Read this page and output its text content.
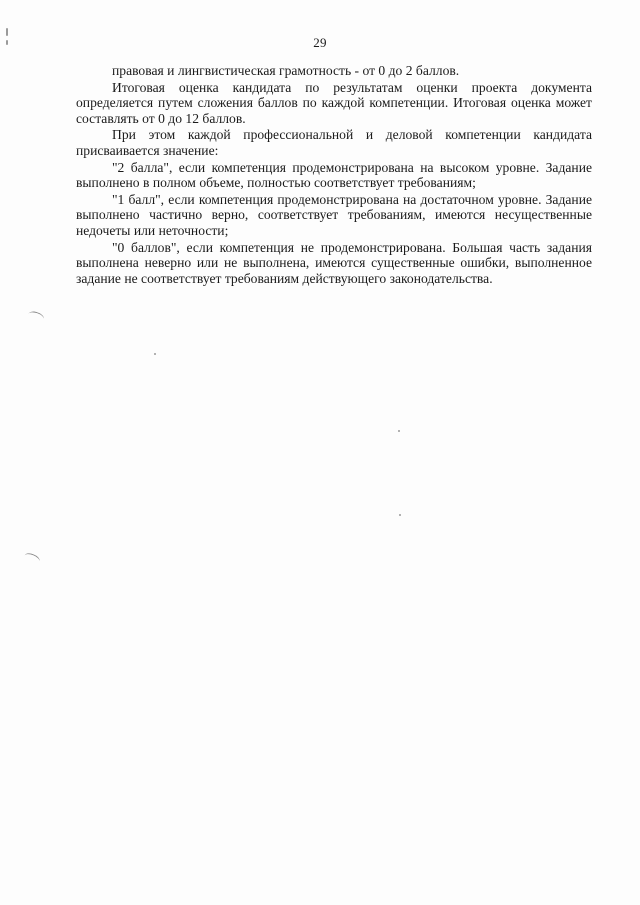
29

правовая и лингвистическая грамотность - от 0 до 2 баллов.

Итоговая оценка кандидата по результатам оценки проекта документа определяется путем сложения баллов по каждой компетенции. Итоговая оценка может составлять от 0 до 12 баллов.

При этом каждой профессиональной и деловой компетенции кандидата присваивается значение:

"2 балла", если компетенция продемонстрирована на высоком уровне. Задание выполнено в полном объеме, полностью соответствует требованиям;

"1 балл", если компетенция продемонстрирована на достаточном уровне. Задание выполнено частично верно, соответствует требованиям, имеются несущественные недочеты или неточности;

"0 баллов", если компетенция не продемонстрирована. Большая часть задания выполнена неверно или не выполнена, имеются существенные ошибки, выполненное задание не соответствует требованиям действующего законодательства.
